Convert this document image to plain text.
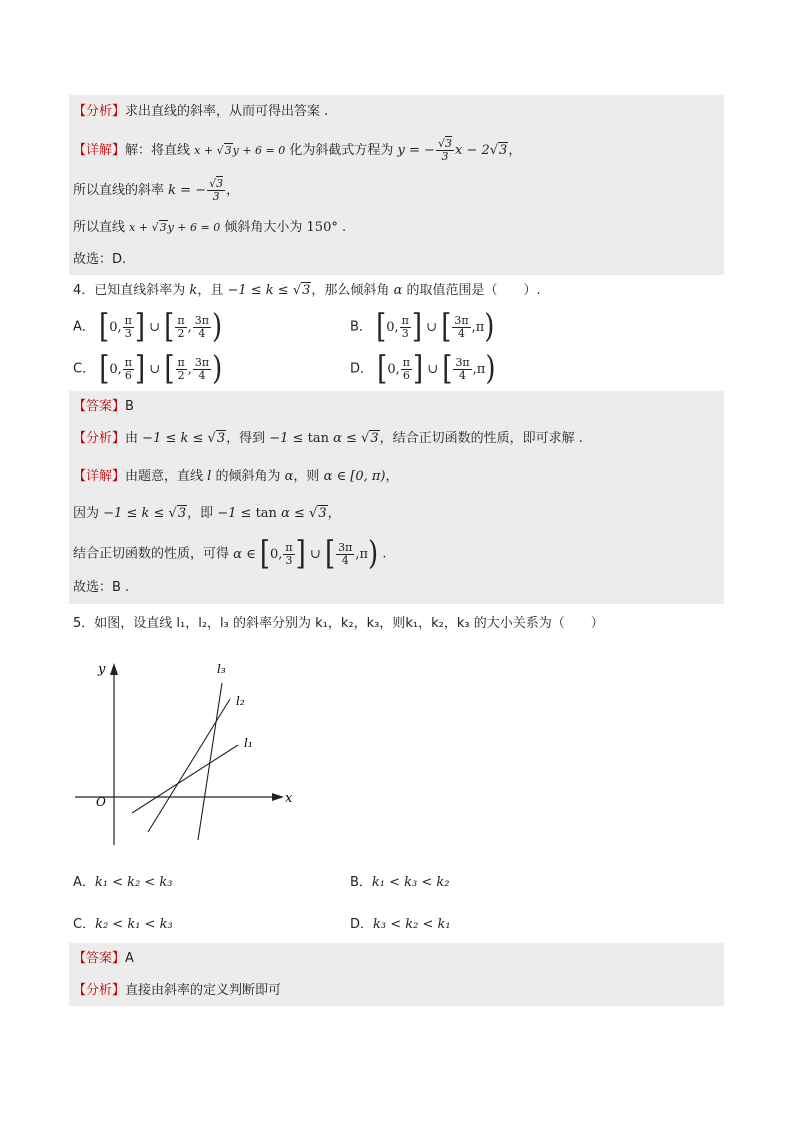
【分析】求出直线的斜率，从而可得出答案 .
【详解】解：将直线 x + √3y + 6 = 0 化为斜截式方程为 y = − $\frac{√3}{3}$ x − 2√3，
所以直线的斜率 k = − $\frac{√3}{3}$ ，
所以直线 x + √3y + 6 = 0 倾斜角大小为 150° .
故选：D.
4．已知直线斜率为 k，且 −1 ≤ k ≤ √3，那么倾斜角 α 的取值范围是（　　）.
A． [0, $\frac{\pi}{3}$ ] ∪ [ $\frac{\pi}{2}$ , $\frac{3\pi}{4}$ )	B． [0, $\frac{\pi}{3}$ ] ∪ [ $\frac{3\pi}{4} ,\pi$)
C． [0, $\frac{\pi}{6}$ ] ∪ [ $\frac{\pi}{2}$ , $\frac{3\pi}{4}$ )	D． [0, $\frac{\pi}{6}$ ] ∪ [ $\frac{3\pi}{4} ,\pi$)
【答案】B
【分析】由 −1 ≤ k ≤ √3，得到 −1 ≤ tan α ≤ √3，结合正切函数的性质，即可求解 .
【详解】由题意，直线 l 的倾斜角为 α，则 α ∈ [0, π)，
因为 −1 ≤ k ≤ √3，即 −1 ≤ tan α ≤ √3，
结合正切函数的性质，可得 α ∈ [0, $\frac{\pi}{3}$ ] ∪ [ $\frac{3\pi}{4} ,\pi$) .
故选：B .
5．如图，设直线 l₁，l₂，l₃ 的斜率分别为 k₁，k₂，k₃，则k₁，k₂，k₃ 的大小关系为（　　）
y
x
O
l₃
l₂
l₁
A．k₁ < k₂ < k₃	B．k₁ < k₃ < k₂
C．k₂ < k₁ < k₃	D．k₃ < k₂ < k₁
【答案】A
【分析】直接由斜率的定义判断即可
